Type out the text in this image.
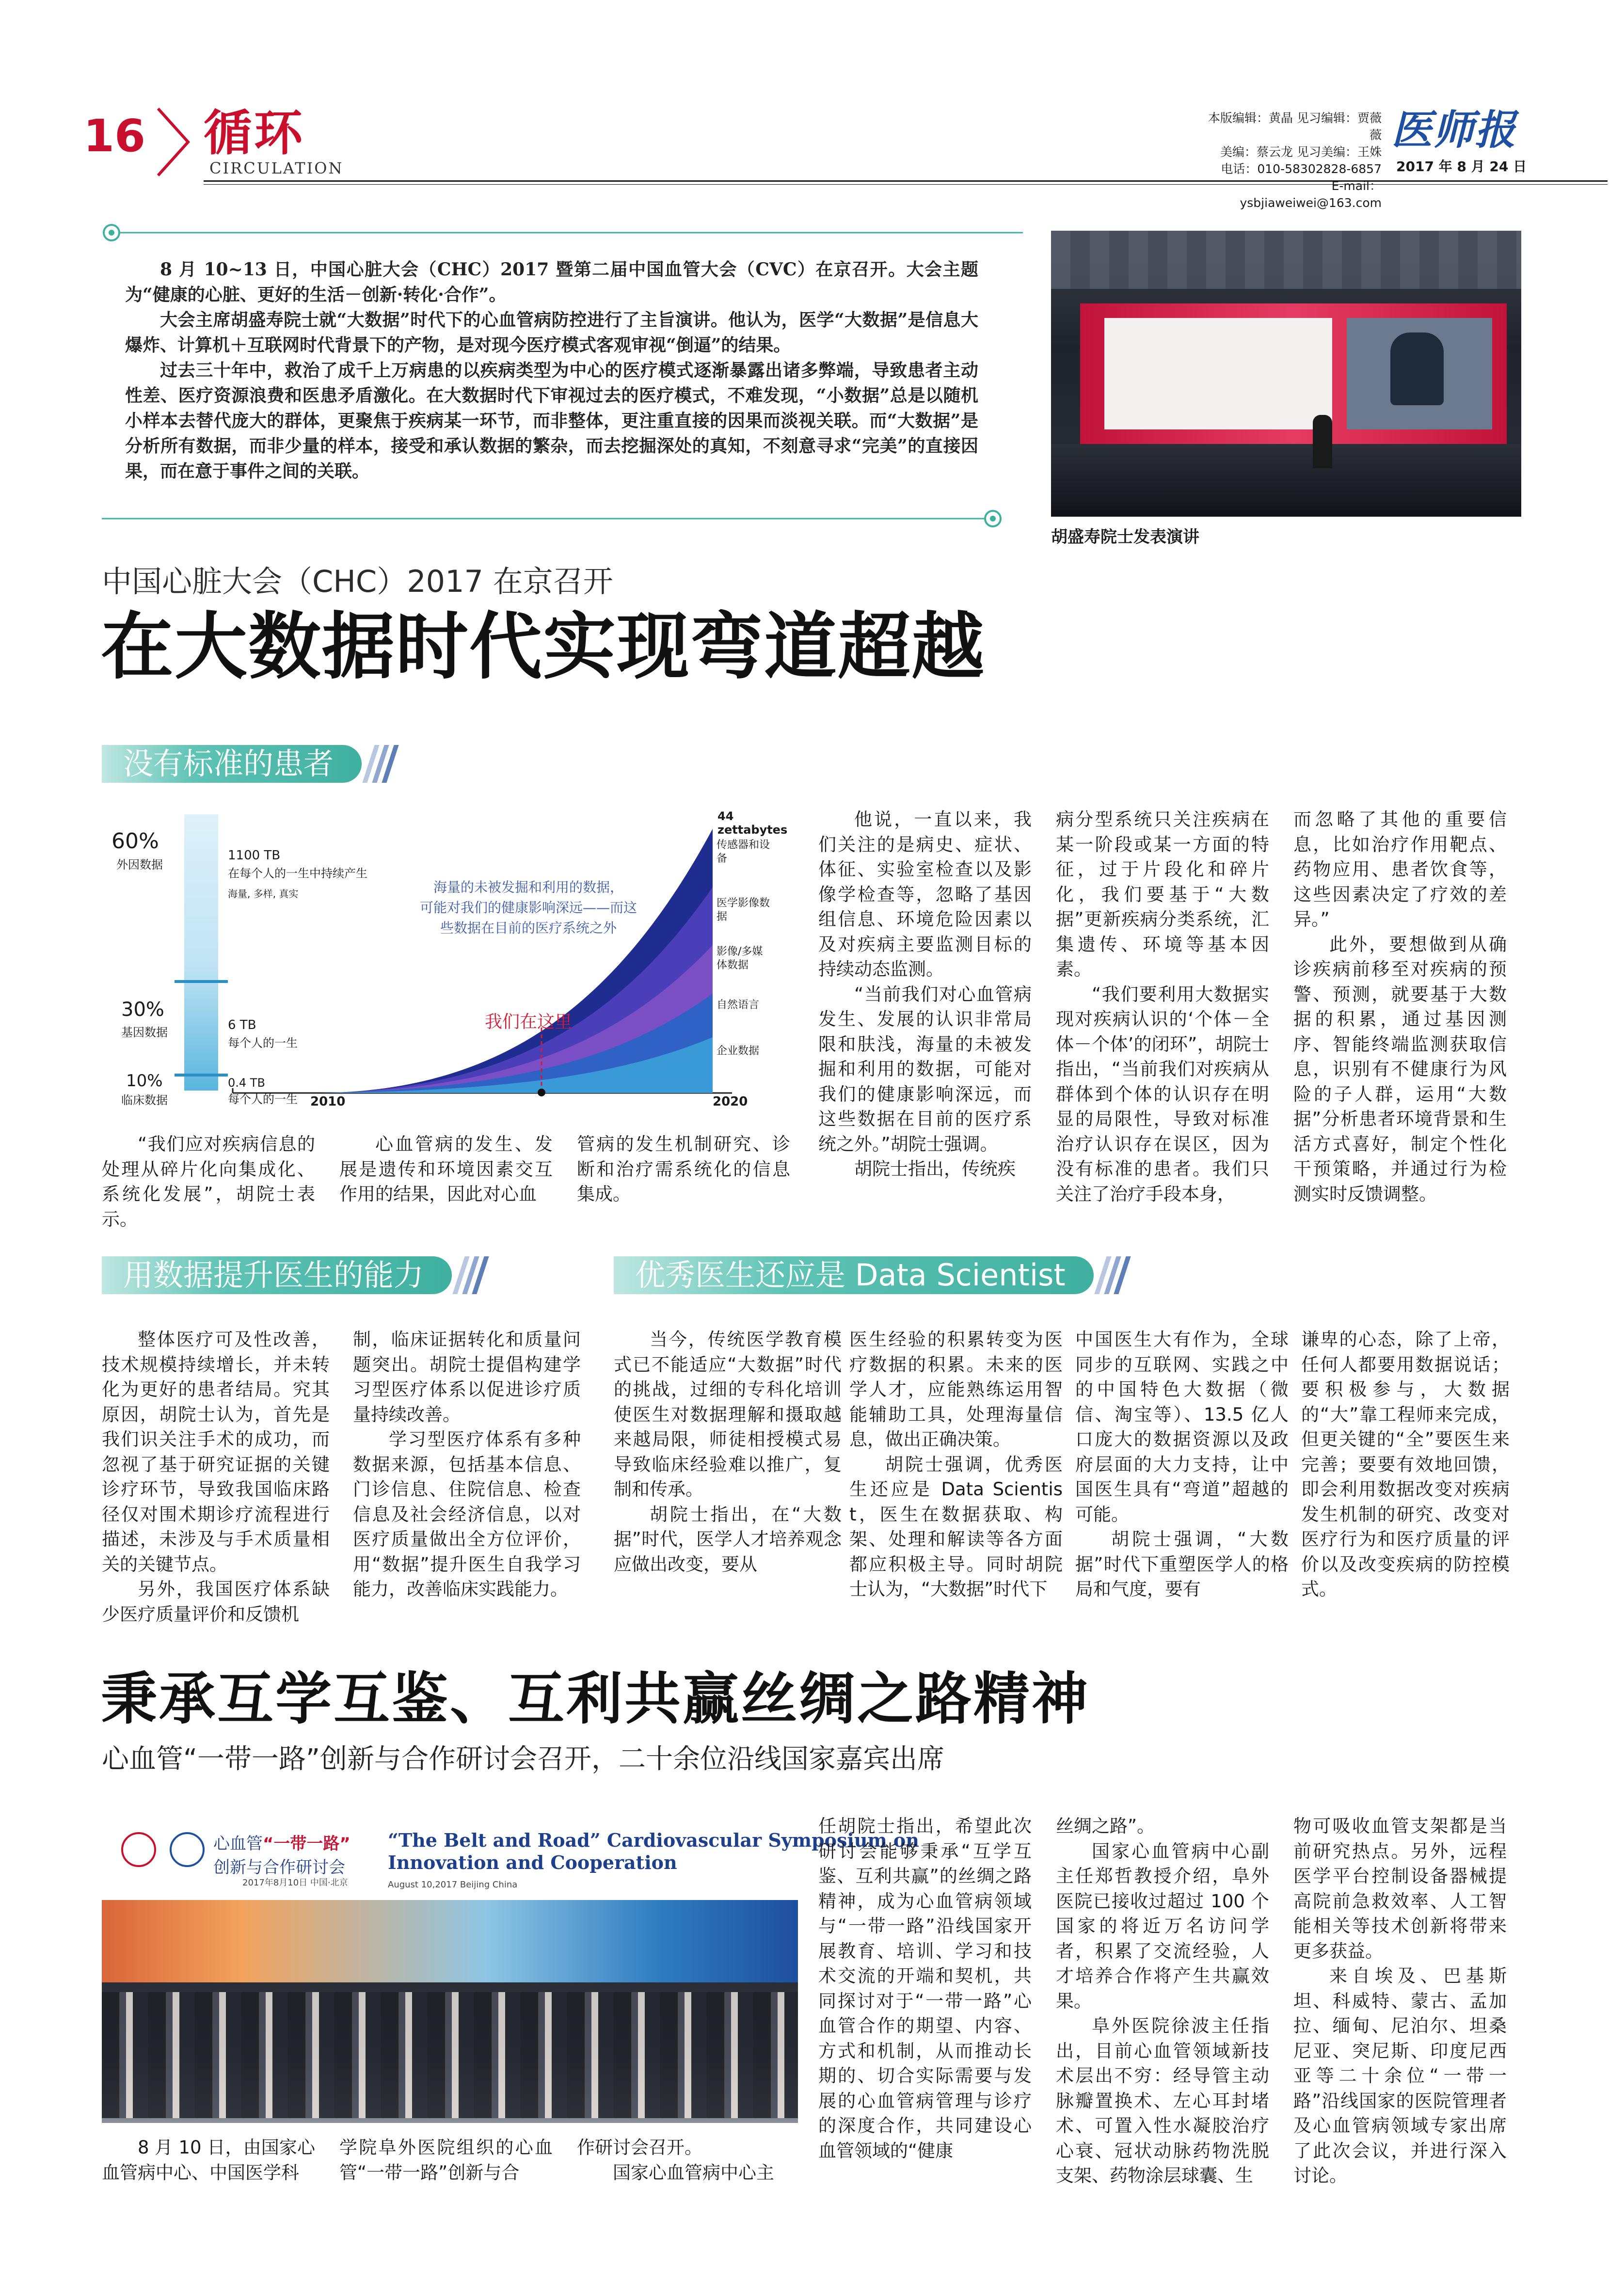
16 循环
CIRCULATION
本版编辑：黄晶 见习编辑：贾薇薇
美编：蔡云龙 见习美编：王姝
电话：010-58302828-6857
E-mail：ysbjiaweiwei@163.com
医师报
2017 年 8 月 24 日

8 月 10~13 日，中国心脏大会（CHC）2017 暨第二届中国血管大会（CVC）在京召开。大会主题为“健康的心脏、更好的生活－创新·转化·合作”。

大会主席胡盛寿院士就“大数据”时代下的心血管病防控进行了主旨演讲。他认为，医学“大数据”是信息大爆炸、计算机＋互联网时代背景下的产物，是对现今医疗模式客观审视“倒逼”的结果。

过去三十年中，救治了成千上万病患的以疾病类型为中心的医疗模式逐渐暴露出诸多弊端，导致患者主动性差、医疗资源浪费和医患矛盾激化。在大数据时代下审视过去的医疗模式，不难发现，“小数据”总是以随机小样本去替代庞大的群体，更聚焦于疾病某一环节，而非整体，更注重直接的因果而淡视关联。而“大数据”是分析所有数据，而非少量的样本，接受和承认数据的繁杂，而去挖掘深处的真知，不刻意寻求“完美”的直接因果，而在意于事件之间的关联。

胡盛寿院士发表演讲
中国心脏大会（CHC）2017 在京召开
在大数据时代实现弯道超越
没有标准的患者
60%
外因数据
30%
基因数据
10%
临床数据
1100 TB
在每个人的一生中持续产生
海量, 多样, 真实
6 TB
每个人的一生
0.4 TB
每个人的一生 2010	2020
44 zettabytes
海量的未被发掘和利用的数据，
可能对我们的健康影响深远——而这
些数据在目前的医疗系统之外
我们在这里
传感器和设备
医学影像数据
影像/多媒体数据
自然语言
企业数据

他说，一直以来，我们关注的是病史、症状、体征、实验室检查以及影像学检查等，忽略了基因组信息、环境危险因素以及对疾病主要监测目标的持续动态监测。

“当前我们对心血管病发生、发展的认识非常局限和肤浅，海量的未被发掘和利用的数据，可能对我们的健康影响深远，而这些数据在目前的医疗系统之外。”胡院士强调。

胡院士指出，传统疾

病分型系统只关注疾病在某一阶段或某一方面的特征，过于片段化和碎片化，我们要基于“大数据”更新疾病分类系统，汇集遗传、环境等基本因素。

“我们要利用大数据实现对疾病认识的‘个体－全体－个体’的闭环”，胡院士指出，“当前我们对疾病从群体到个体的认识存在明显的局限性，导致对标准治疗认识存在误区，因为没有标准的患者。我们只关注了治疗手段本身，

而忽略了其他的重要信息，比如治疗作用靶点、药物应用、患者饮食等，这些因素决定了疗效的差异。”

此外，要想做到从确诊疾病前移至对疾病的预警、预测，就要基于大数据的积累，通过基因测序、智能终端监测获取信息，识别有不健康行为风险的子人群，运用“大数据”分析患者环境背景和生活方式喜好，制定个性化干预策略，并通过行为检测实时反馈调整。

“我们应对疾病信息的处理从碎片化向集成化、系统化发展”，胡院士表示。

心血管病的发生、发展是遗传和环境因素交互作用的结果，因此对心血

管病的发生机制研究、诊断和治疗需系统化的信息集成。

用数据提升医生的能力	优秀医生还应是 Data Scientist

整体医疗可及性改善，技术规模持续增长，并未转化为更好的患者结局。究其原因，胡院士认为，首先是我们识关注手术的成功，而忽视了基于研究证据的关键诊疗环节，导致我国临床路径仅对围术期诊疗流程进行描述，未涉及与手术质量相关的关键节点。

另外，我国医疗体系缺少医疗质量评价和反馈机

制，临床证据转化和质量问题突出。胡院士提倡构建学习型医疗体系以促进诊疗质量持续改善。

学习型医疗体系有多种数据来源，包括基本信息、门诊信息、住院信息、检查信息及社会经济信息，以对医疗质量做出全方位评价，用“数据”提升医生自我学习能力，改善临床实践能力。

当今，传统医学教育模式已不能适应“大数据”时代的挑战，过细的专科化培训使医生对数据理解和摄取越来越局限，师徒相授模式易导致临床经验难以推广，复制和传承。

胡院士指出，在“大数据”时代，医学人才培养观念应做出改变，要从

医生经验的积累转变为医疗数据的积累。未来的医学人才，应能熟练运用智能辅助工具，处理海量信息，做出正确决策。

胡院士强调，优秀医生还应是 Data Scientist，医生在数据获取、构架、处理和解读等各方面都应积极主导。同时胡院士认为，“大数据”时代下

中国医生大有作为，全球同步的互联网、实践之中的中国特色大数据（微信、淘宝等）、13.5 亿人口庞大的数据资源以及政府层面的大力支持，让中国医生具有“弯道”超越的可能。

胡院士强调，“大数据”时代下重塑医学人的格局和气度，要有

谦卑的心态，除了上帝，任何人都要用数据说话；要积极参与，大数据的“大”靠工程师来完成，但更关键的“全”要医生来完善；要要有效地回馈，即会利用数据改变对疾病发生机制的研究、改变对医疗行为和医疗质量的评价以及改变疾病的防控模式。

秉承互学互鉴、互利共赢丝绸之路精神
心血管“一带一路”创新与合作研讨会召开，二十余位沿线国家嘉宾出席
心血管“一带一路”
创新与合作研讨会
2017年8月10日 中国·北京
“The Belt and Road” Cardiovascular Symposium on
Innovation and Cooperation
August 10,2017 Beijing China

8 月 10 日，由国家心血管病中心、中国医学科

学院阜外医院组织的心血管“一带一路”创新与合

作研讨会召开。

国家心血管病中心主

任胡院士指出，希望此次研讨会能够秉承“互学互鉴、互利共赢”的丝绸之路精神，成为心血管病领域与“一带一路”沿线国家开展教育、培训、学习和技术交流的开端和契机，共同探讨对于“一带一路”心血管合作的期望、内容、方式和机制，从而推动长期的、切合实际需要与发展的心血管病管理与诊疗的深度合作，共同建设心血管领域的“健康

丝绸之路”。

国家心血管病中心副主任郑哲教授介绍，阜外医院已接收过超过 100 个国家的将近万名访问学者，积累了交流经验，人才培养合作将产生共赢效果。

阜外医院徐波主任指出，目前心血管领域新技术层出不穷：经导管主动脉瓣置换术、左心耳封堵术、可置入性水凝胶治疗心衰、冠状动脉药物洗脱支架、药物涂层球囊、生

物可吸收血管支架都是当前研究热点。另外，远程医学平台控制设备器械提高院前急救效率、人工智能相关等技术创新将带来更多获益。

来自埃及、巴基斯坦、科威特、蒙古、孟加拉、缅甸、尼泊尔、坦桑尼亚、突尼斯、印度尼西亚等二十余位“一带一路”沿线国家的医院管理者及心血管病领域专家出席了此次会议，并进行深入讨论。
